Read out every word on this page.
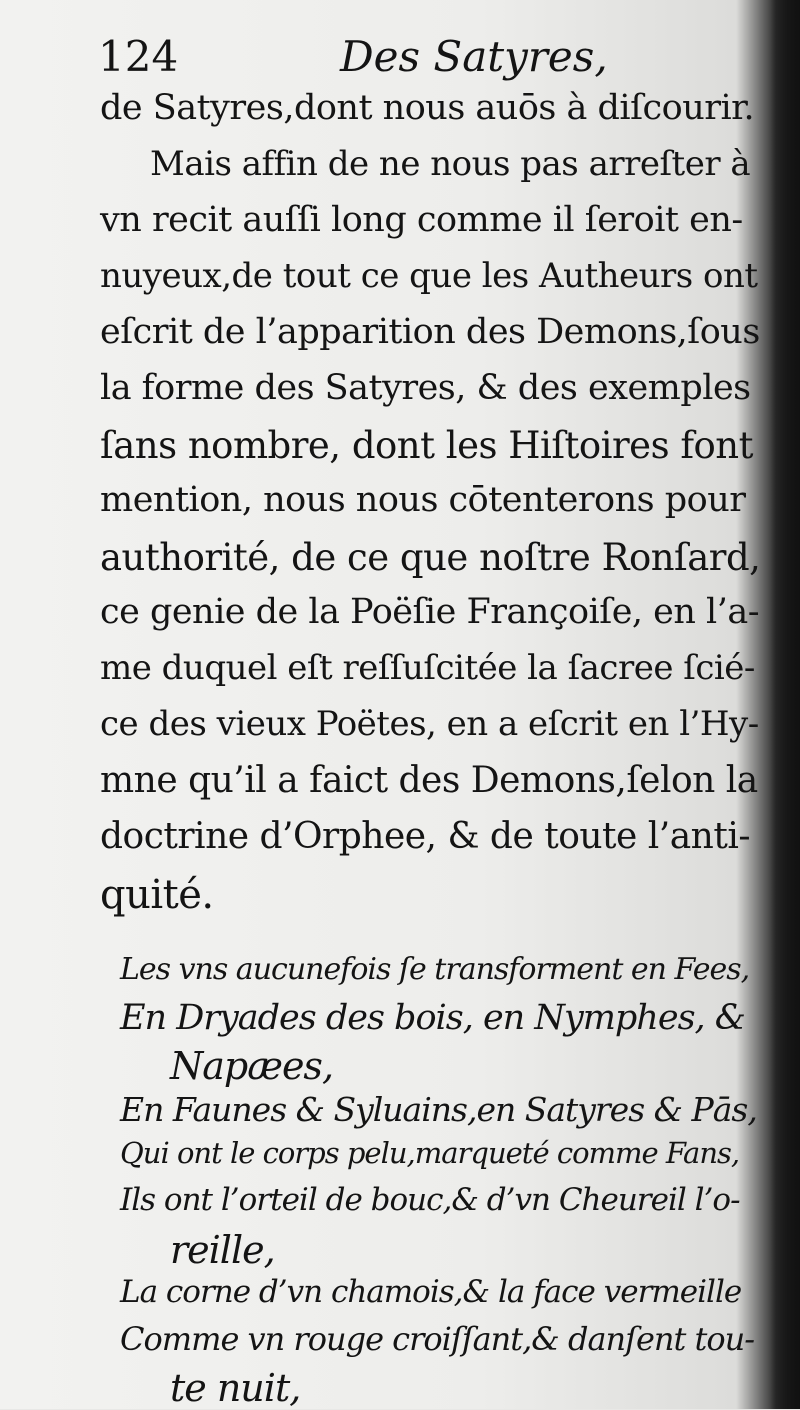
124	Des Satyres,
de Satyres,dont nous auōs à diſcourir.
Mais affin de ne nous pas arreſter à
vn recit auſſi long comme il ſeroit en-
nuyeux,de tout ce que les Autheurs ont
eſcrit de l’apparition des Demons,ſous
la forme des Satyres, & des exemples
ſans nombre, dont les Hiſtoires font
mention, nous nous cōtenterons pour
authorité, de ce que noſtre Ronſard,
ce genie de la Poëſie Françoiſe, en l’a-
me duquel eſt reſſuſcitée la ſacree ſcié-
ce des vieux Poëtes, en a eſcrit en l’Hy-
mne qu’il a faict des Demons,ſelon la
doctrine d’Orphee, & de toute l’anti-
quité.
Les vns aucunefois ſe transforment en Fees,
En Dryades des bois, en Nymphes, &
Napæes,
En Faunes & Syluains,en Satyres & Pās,
Qui ont le corps pelu,marqueté comme Fans,
Ils ont l’orteil de bouc,& d’vn Cheureil l’o-
reille,
La corne d’vn chamois,& la face vermeille
Comme vn rouge croiſſant,& danſent tou-
te nuit,
